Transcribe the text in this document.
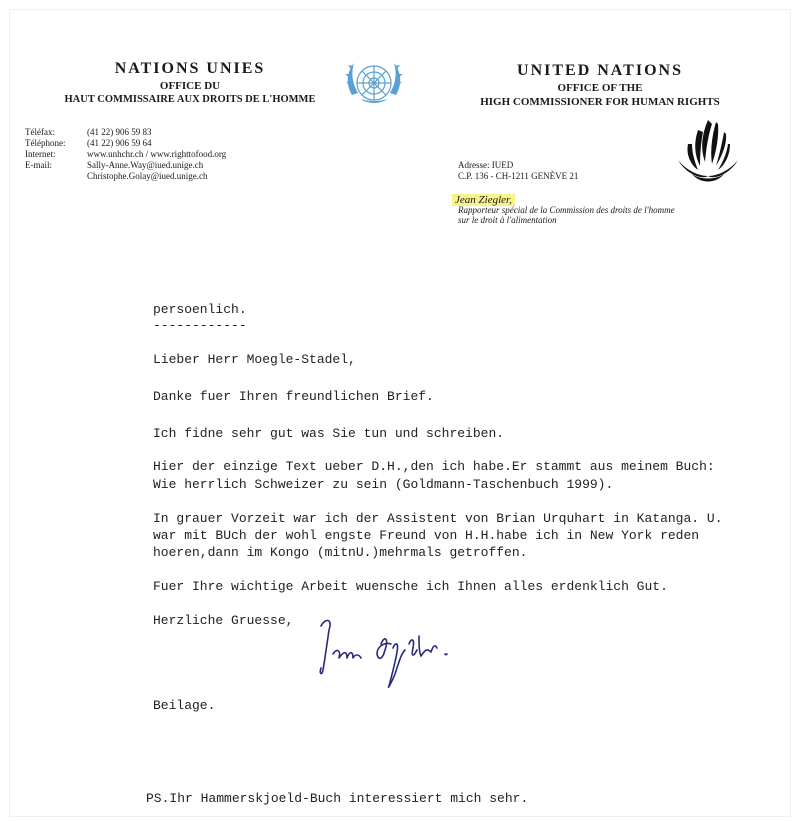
NATIONS UNIES
OFFICE DU
HAUT COMMISSAIRE AUX DROITS DE L'HOMME
UNITED NATIONS
OFFICE OF THE
HIGH COMMISSIONER FOR HUMAN RIGHTS
Téléfax:	(41 22) 906 59 83
Téléphone: (41 22) 906 59 64
Internet:	www.unhchr.ch / www.righttofood.org
E-mail:	Sally-Anne.Way@iued.unige.ch
Christophe.Golay@iued.unige.ch
Adresse: IUED
C.P. 136 - CH-1211 GENÈVE 21
Jean Ziegler,
Rapporteur spécial de la Commission des droits de l'homme
sur le droit à l'alimentation
persoenlich.
------------
Lieber Herr Moegle-Stadel,
Danke fuer Ihren freundlichen Brief.
Ich fidne sehr gut was Sie tun und schreiben.
Hier der einzige Text ueber D.H.,den ich habe.Er stammt aus meinem Buch:
Wie herrlich Schweizer zu sein (Goldmann-Taschenbuch 1999).
In grauer Vorzeit war ich der Assistent von Brian Urquhart in Katanga. U.
war mit BUch der wohl engste Freund von H.H.habe ich in New York reden
hoeren,dann im Kongo (mitnU.)mehrmals getroffen.
Fuer Ihre wichtige Arbeit wuensche ich Ihnen alles erdenklich Gut.
Herzliche Gruesse,
Beilage.
PS.Ihr Hammerskjoeld-Buch interessiert mich sehr.
